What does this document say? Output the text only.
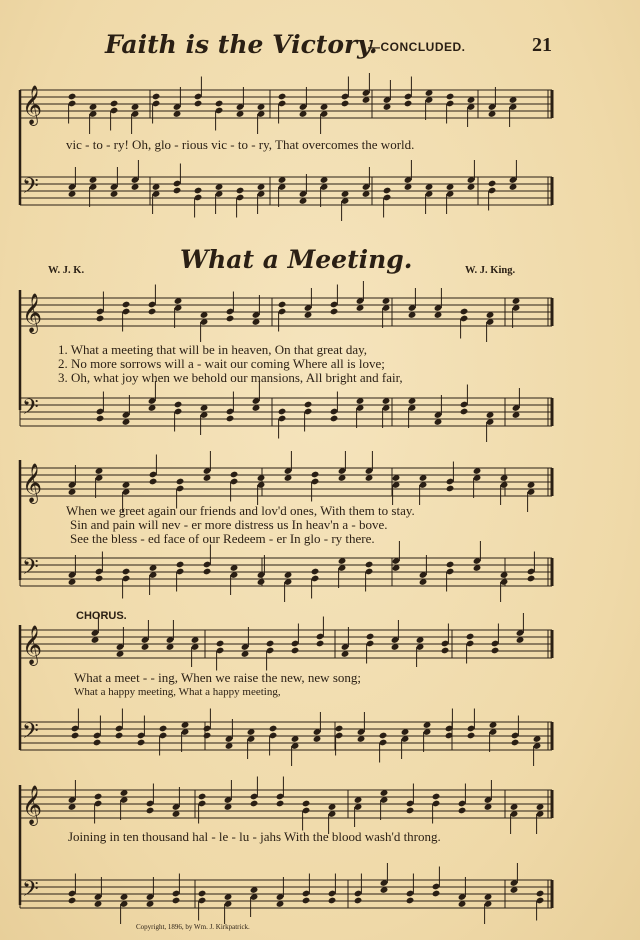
Faith is the Victory.
—CONCLUDED.	21
𝄞
𝄢
𝄞
𝄢
𝄞
𝄢
𝄞
𝄢
𝄞
𝄢
vic - to - ry! Oh, glo - rious vic - to - ry, That overcomes the world.
What a Meeting.
W. J. K.	W. J. King.
1. What a meeting that will be in heaven, On that great day,
2. No more sorrows will a - wait our coming Where all is love;
3. Oh, what joy when we behold our mansions, All bright and fair,
When we greet again our friends and lov'd ones, With them to stay.
Sin and pain will nev - er more distress us In heav'n a - bove.
See the bless - ed face of our Redeem - er In glo - ry there.
CHORUS.
What a meet - - ing, When we raise the new, new song;
What a happy meeting, What a happy meeting,
Joining in ten thousand hal - le - lu - jahs With the blood wash'd throng.
Copyright, 1896, by Wm. J. Kirkpatrick.
